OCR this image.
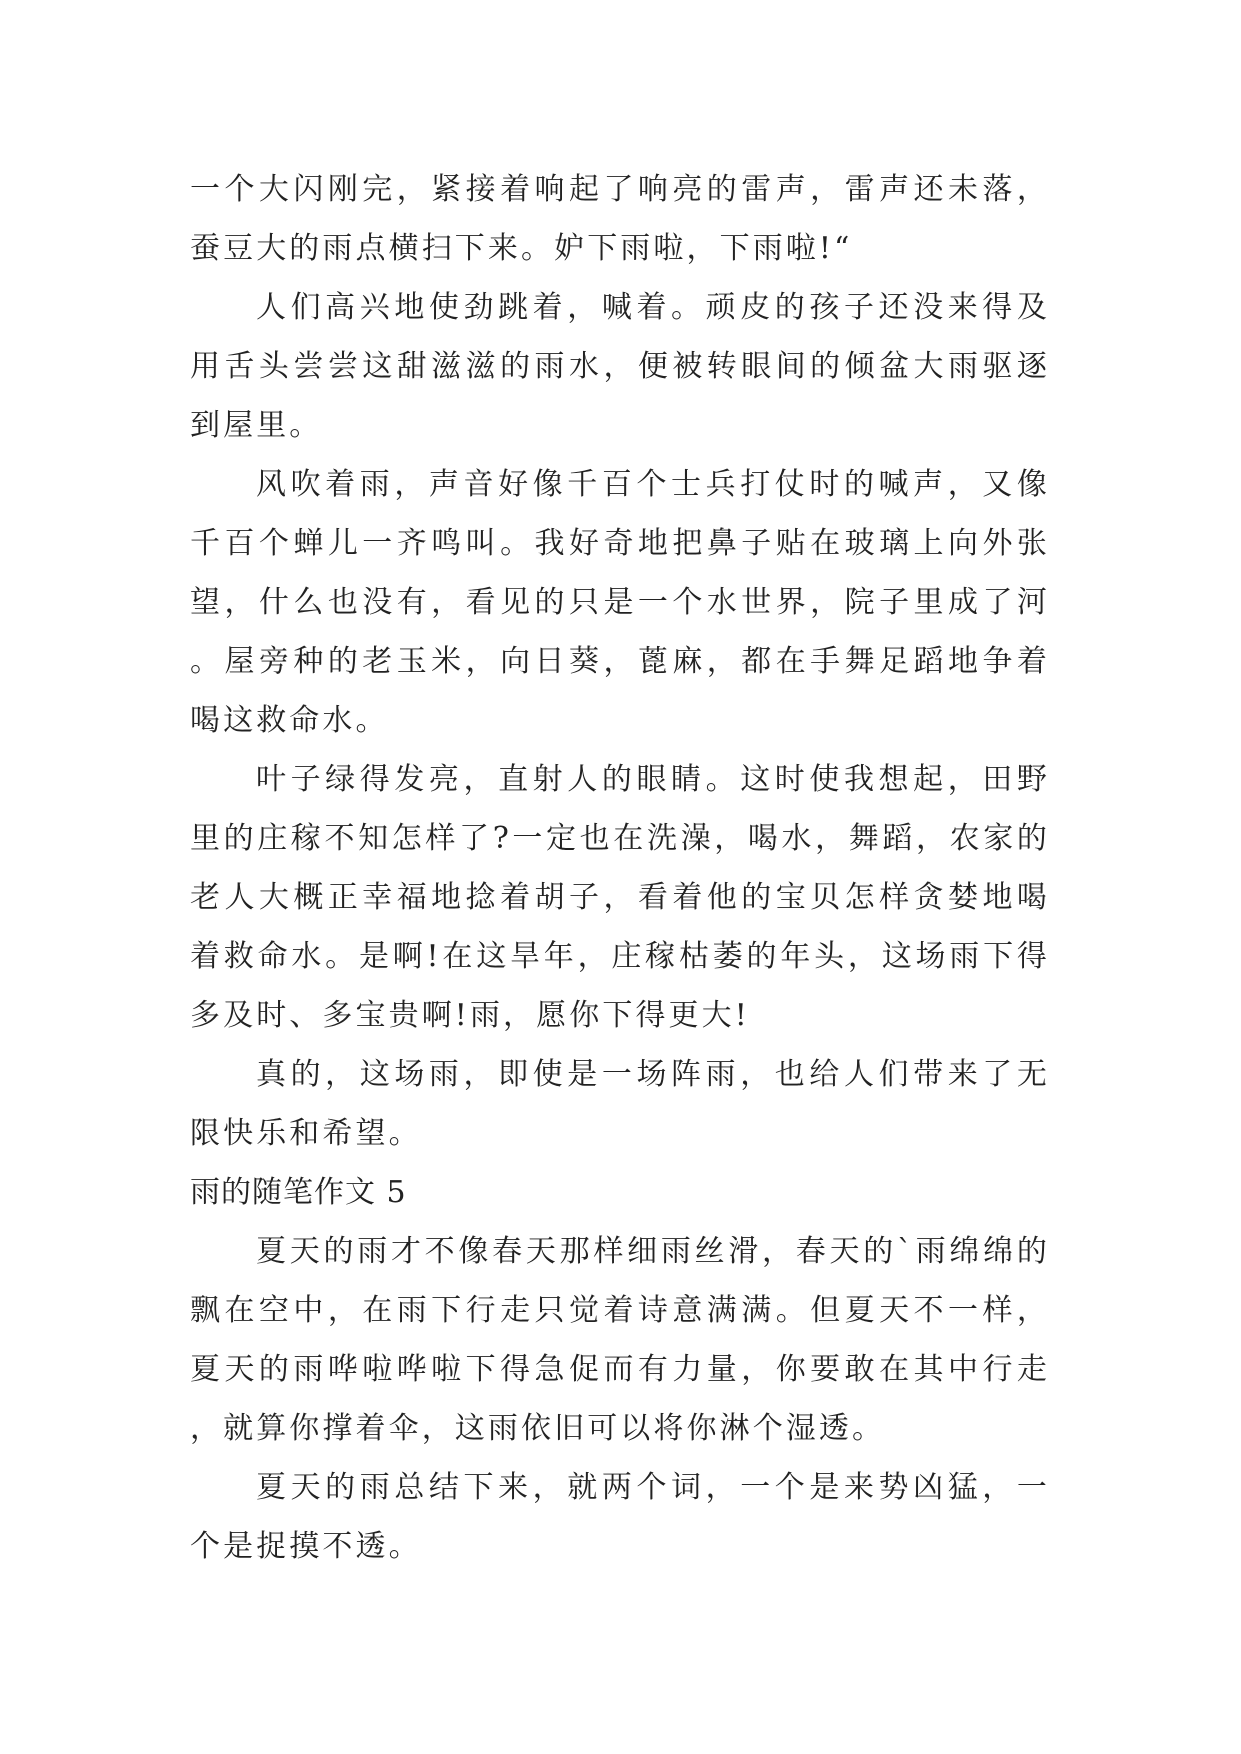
一个大闪刚完，紧接着响起了响亮的雷声，雷声还未落，蚕豆大的雨点横扫下来。妒下雨啦，下雨啦!“

人们高兴地使劲跳着，喊着。顽皮的孩子还没来得及用舌头尝尝这甜滋滋的雨水，便被转眼间的倾盆大雨驱逐到屋里。

风吹着雨，声音好像千百个士兵打仗时的喊声，又像千百个蝉儿一齐鸣叫。我好奇地把鼻子贴在玻璃上向外张望，什么也没有，看见的只是一个水世界，院子里成了河。屋旁种的老玉米，向日葵，蓖麻，都在手舞足蹈地争着喝这救命水。

叶子绿得发亮，直射人的眼睛。这时使我想起，田野里的庄稼不知怎样了?一定也在洗澡，喝水，舞蹈，农家的老人大概正幸福地捻着胡子，看着他的宝贝怎样贪婪地喝着救命水。是啊!在这旱年，庄稼枯萎的年头，这场雨下得多及时、多宝贵啊!雨，愿你下得更大!

真的，这场雨，即使是一场阵雨，也给人们带来了无限快乐和希望。

雨的随笔作文 5

夏天的雨才不像春天那样细雨丝滑，春天的`雨绵绵的飘在空中，在雨下行走只觉着诗意满满。但夏天不一样，夏天的雨哗啦哗啦下得急促而有力量，你要敢在其中行走，就算你撑着伞，这雨依旧可以将你淋个湿透。

夏天的雨总结下来，就两个词，一个是来势凶猛，一个是捉摸不透。
